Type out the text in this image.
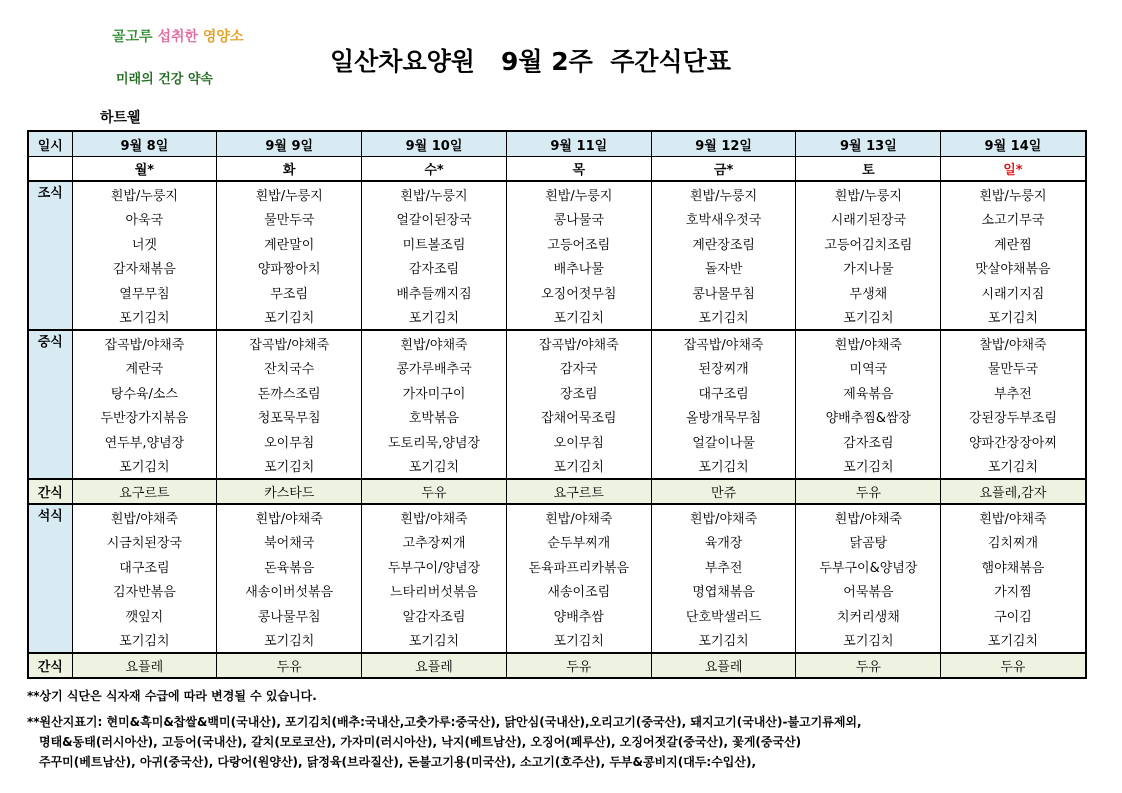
골고루 섭취한 영양소
미래의 건강 약속
일산차요양원   9월 2주  주간식단표
하트웰
일시	9월 8일	9월 9일	9월 10일	9월 11일	9월 12일	9월 13일	9월 14일
	월*	화	수*	목	금*	토	일*
조식	흰밥/누룽지	흰밥/누룽지	흰밥/누룽지	흰밥/누룽지	흰밥/누룽지	흰밥/누룽지	흰밥/누룽지
	아욱국	물만두국	얼갈이된장국	콩나물국	호박새우젓국	시래기된장국	소고기무국
	너겟	계란말이	미트볼조림	고등어조림	계란장조림	고등어김치조림	계란찜
	감자채볶음	양파짱아치	감자조림	배추나물	돌자반	가지나물	맛살야채볶음
	열무무침	무조림	배추들깨지짐	오징어젓무침	콩나물무침	무생채	시래기지짐
	포기김치	포기김치	포기김치	포기김치	포기김치	포기김치	포기김치
중식	잡곡밥/야채죽	잡곡밥/야채죽	흰밥/야채죽	잡곡밥/야채죽	잡곡밥/야채죽	흰밥/야채죽	찰밥/야채죽
	계란국	잔치국수	콩가루배추국	감자국	된장찌개	미역국	물만두국
	탕수육/소스	돈까스조림	가자미구이	장조림	대구조림	제육볶음	부추전
	두반장가지볶음	청포묵무침	호박볶음	잡채어묵조림	올방개묵무침	양배추찜&쌈장	강된장두부조림
	연두부,양념장	오이무침	도토리묵,양념장	오이무침	얼갈이나물	감자조림	양파간장장아찌
	포기김치	포기김치	포기김치	포기김치	포기김치	포기김치	포기김치
간식	요구르트	카스타드	두유	요구르트	만쥬	두유	요플레,감자
석식	흰밥/야채죽	흰밥/야채죽	흰밥/야채죽	흰밥/야채죽	흰밥/야채죽	흰밥/야채죽	흰밥/야채죽
	시금치된장국	북어채국	고추장찌개	순두부찌개	육개장	닭곰탕	김치찌개
	대구조림	돈육볶음	두부구이/양념장	돈육파프리카볶음	부추전	두부구이&양념장	햄야채볶음
	김자반볶음	새송이버섯볶음	느타리버섯볶음	새송이조림	명엽채볶음	어묵볶음	가지찜
	깻잎지	콩나물무침	알감자조림	양배추쌈	단호박샐러드	치커리생채	구이김
	포기김치	포기김치	포기김치	포기김치	포기김치	포기김치	포기김치
간식	요플레	두유	요플레	두유	요플레	두유	두유

**상기 식단은 식자재 수급에 따라 변경될 수 있습니다.

**원산지표기: 현미&흑미&찹쌀&백미(국내산), 포기김치(배추:국내산,고춧가루:중국산), 닭안심(국내산),오리고기(중국산), 돼지고기(국내산)-불고기류제외,

명태&동태(러시아산), 고등어(국내산), 갈치(모로코산), 가자미(러시아산), 낙지(베트남산), 오징어(페루산), 오징어젓갈(중국산), 꽃게(중국산)

주꾸미(베트남산), 아귀(중국산), 다랑어(원양산), 닭정육(브라질산), 돈불고기용(미국산), 소고기(호주산), 두부&콩비지(대두:수입산),
